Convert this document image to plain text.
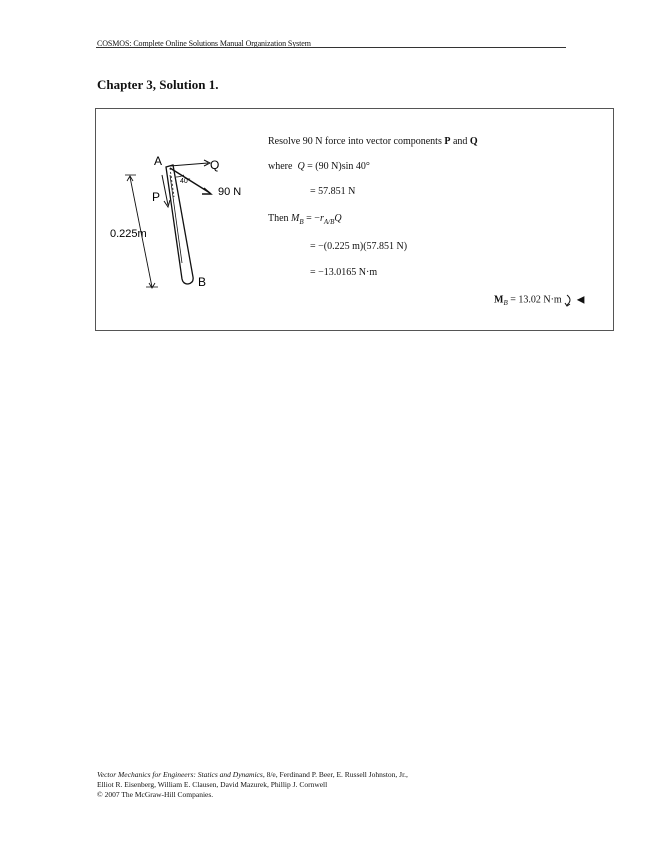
COSMOS: Complete Online Solutions Manual Organization System
Chapter 3, Solution 1.
A	Q
40°
90 N
P
0.225m
B
Resolve 90 N force into vector components P and Q
where Q = (90 N)sin 40°
= 57.851 N
Then $M_B = -r_{A/B}Q$
= −(0.225 m)(57.851 N)
= −13.0165 N·m
$M_B = 13.02$ N·m ◀
Vector Mechanics for Engineers: Statics and Dynamics, 8/e, Ferdinand P. Beer, E. Russell Johnston, Jr.,
Elliot R. Eisenberg, William E. Clausen, David Mazurek, Phillip J. Cornwell
© 2007 The McGraw-Hill Companies.
